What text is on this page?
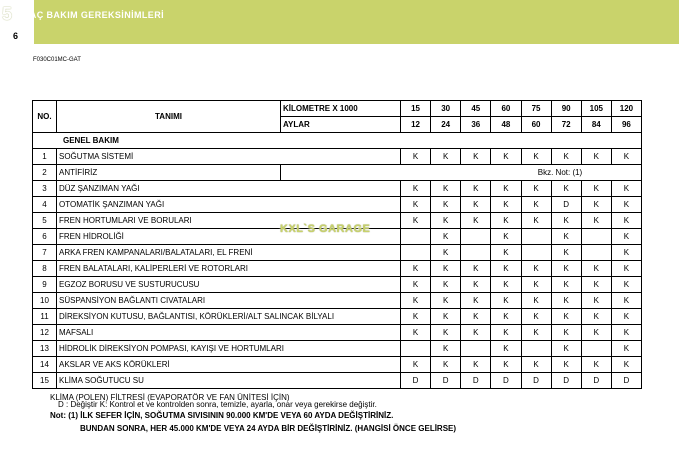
5 ARAÇ BAKIM GEREKSİNİMLERİ
6
F030C01MC-GAT
NO.	TANIMI	KİLOMETRE X 1000	15	30	45	60	75	90	105	120
		AYLAR	12	24	36	48	60	72	84	96
GENEL BAKIM										
1	SOĞUTMA SİSTEMİ		K	K	K	K	K	K	K	K
2	ANTİFİRİZ	Bkz. Not: (1)								
3	DÜZ ŞANZIMAN YAĞI		K	K	K	K	K	K	K	K
4	OTOMATİK ŞANZIMAN YAĞI		K	K	K	K	K	D	K	K
5	FREN HORTUMLARI VE BORULARI		K	K	K	K	K	K	K	K
6	FREN HİDROLİĞİ			K		K		K		K
7	ARKA FREN KAMPANALARI/BALATALARI, EL FRENİ			K		K		K		K
8	FREN BALATALARI, KALİPERLERİ VE ROTORLARI		K	K	K	K	K	K	K	K
9	EGZOZ BORUSU VE SUSTURUCUSU		K	K	K	K	K	K	K	K
10	SÜSPANSİYON BAĞLANTI CIVATALARI		K	K	K	K	K	K	K	K
11	DİREKSİYON KUTUSU, BAĞLANTISI, KÖRÜKLERİ/ALT SALINCAK BİLYALI		K	K	K	K	K	K	K	K
12	MAFSALI		K	K	K	K	K	K	K	K
13	HİDROLİK DİREKSİYON POMPASI, KAYIŞI VE HORTUMLARI			K		K		K		K
14	AKSLAR VE AKS KÖRÜKLERİ		K	K	K	K	K	K	K	K
15	KLİMA SOĞUTUCU SU		D	D	D	D	D	D	D	D
KXL`S GARAGE
KLİMA (POLEN) FİLTRESİ (EVAPORATÖR VE FAN ÜNİTESİ İÇİN)
D : Değiştir K: Kontrol et ve kontrolden sonra, temizle, ayarla, onar veya gerekirse değiştir.
Not: (1) İLK SEFER İÇİN, SOĞUTMA SIVISININ 90.000 KM'DE VEYA 60 AYDA DEĞİŞTİRİNİZ.
BUNDAN SONRA, HER 45.000 KM'DE VEYA 24 AYDA BİR DEĞİŞTİRİNİZ. (HANGİSİ ÖNCE GELİRSE)
